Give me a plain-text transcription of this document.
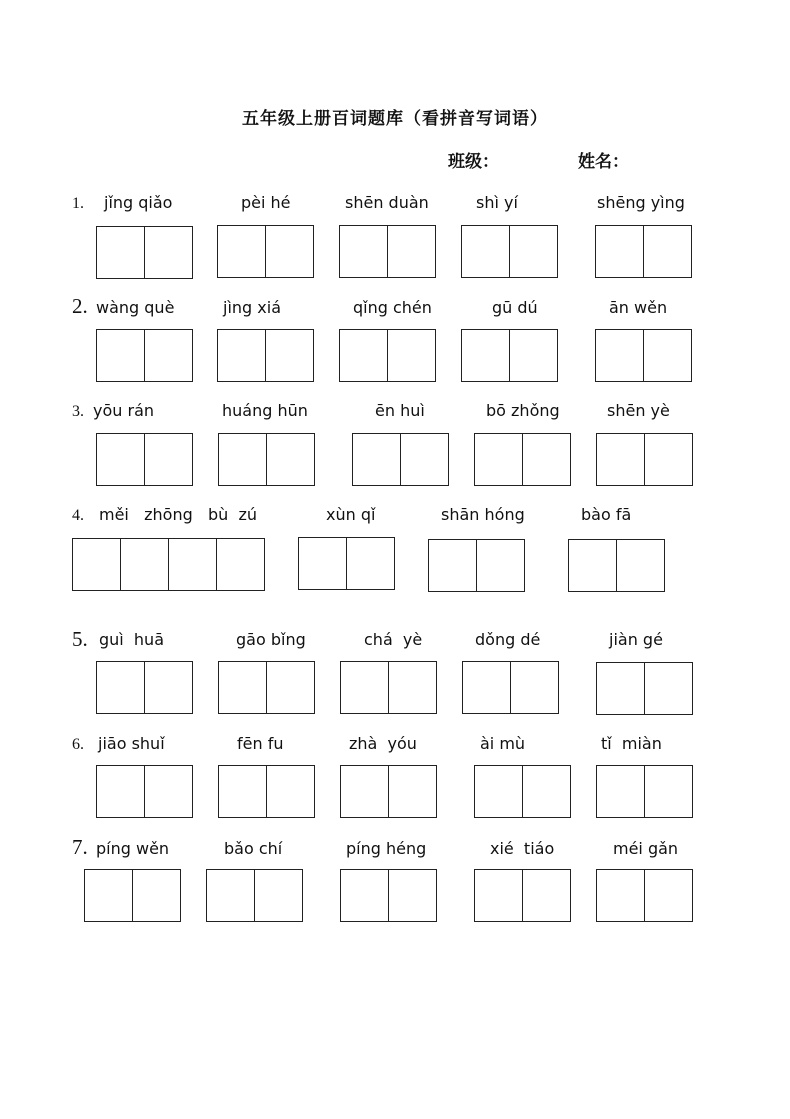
五年级上册百词题库（看拼音写词语）
班级：	姓名：
1. jǐng qiǎo	pèi hé	shēn duàn	shì yí	shēng yìng
2. wàng què	jìng xiá	qǐng chén	gū dú	ān wěn
3. yōu rán	huáng hūn	ēn huì	bō zhǒng	shēn yè
4. měi   zhōng   bù  zú	xùn qǐ	shān hóng	bào fā
5. guì  huā	gāo bǐng	chá  yè	dǒng dé	jiàn gé
6. jiāo shuǐ	fēn fu	zhà  yóu	ài mù	tǐ  miàn
7. píng wěn	bǎo chí	píng héng	xié  tiáo	méi gǎn
